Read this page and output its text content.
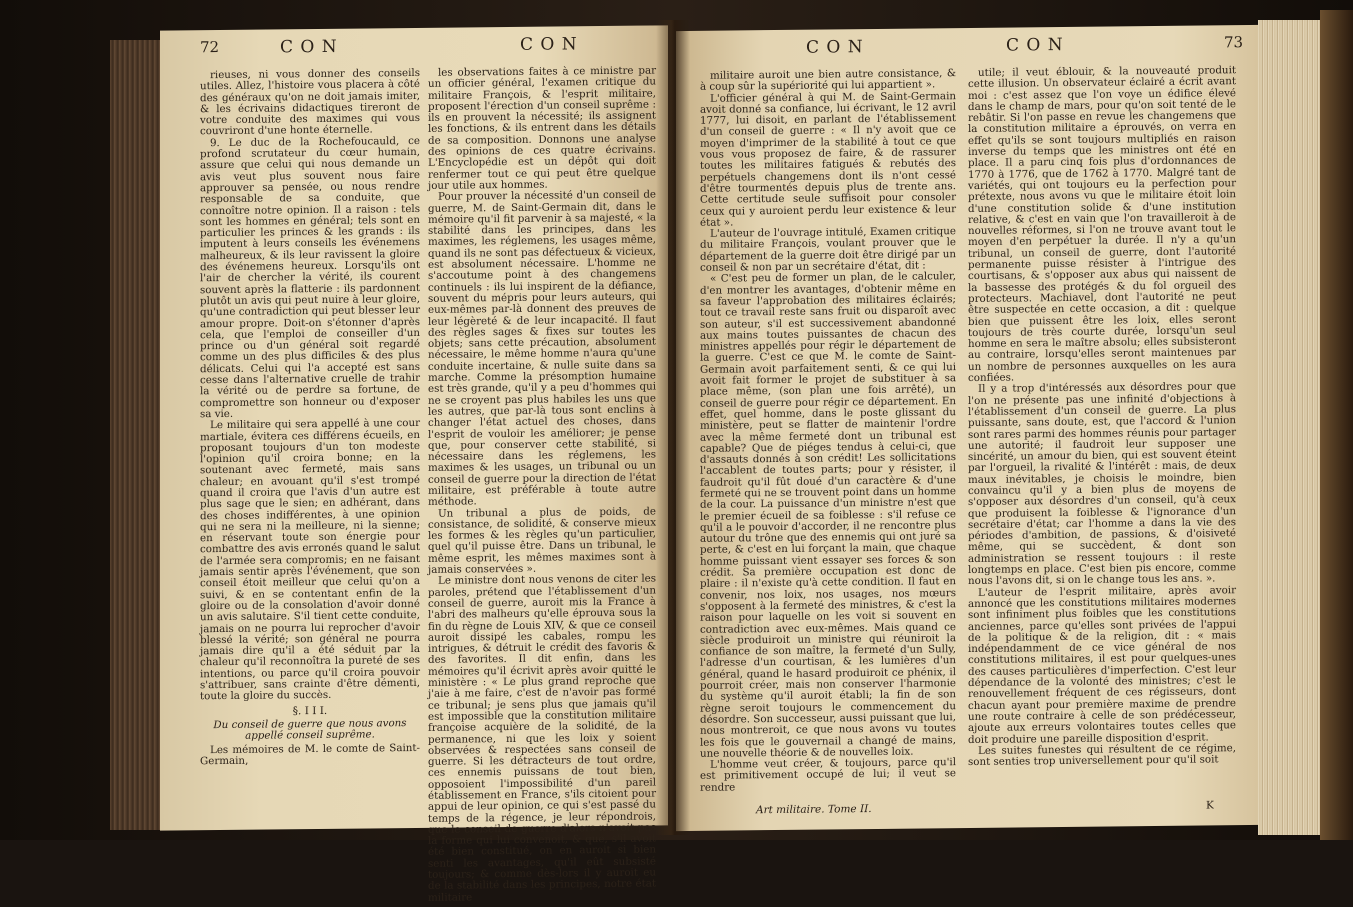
72	C O N	C O N

rieuses, ni vous donner des conseils utiles. Allez, l'histoire vous placera à côté des généraux qu'on ne doit jamais imiter, & les écrivains didactiques tireront de votre conduite des maximes qui vous couvriront d'une honte éternelle.

9. Le duc de la Rochefoucauld, ce profond scrutateur du cœur humain, assure que celui qui nous demande un avis veut plus souvent nous faire approuver sa pensée, ou nous rendre responsable de sa conduite, que connoître notre opinion. Il a raison : tels sont les hommes en général; tels sont en particulier les princes & les grands : ils imputent à leurs conseils les événemens malheureux, & ils leur ravissent la gloire des événemens heureux. Lorsqu'ils ont l'air de chercher la vérité, ils courent souvent après la flatterie : ils pardonnent plutôt un avis qui peut nuire à leur gloire, qu'une contradiction qui peut blesser leur amour propre. Doit-on s'étonner d'après cela, que l'emploi de conseiller d'un prince ou d'un général soit regardé comme un des plus difficiles & des plus délicats. Celui qui l'a accepté est sans cesse dans l'alternative cruelle de trahir la vérité ou de perdre sa fortune, de compromettre son honneur ou d'exposer sa vie.

Le militaire qui sera appellé à une cour martiale, évitera ces différens écueils, en proposant toujours d'un ton modeste l'opinion qu'il croira bonne; en la soutenant avec fermeté, mais sans chaleur; en avouant qu'il s'est trompé quand il croira que l'avis d'un autre est plus sage que le sien; en adhérant, dans des choses indifférentes, à une opinion qui ne sera ni la meilleure, ni la sienne; en réservant toute son énergie pour combattre des avis erronés quand le salut de l'armée sera compromis; en ne faisant jamais sentir après l'événement, que son conseil étoit meilleur que celui qu'on a suivi, & en se contentant enfin de la gloire ou de la consolation d'avoir donné un avis salutaire. S'il tient cette conduite, jamais on ne pourra lui reprocher d'avoir blessé la vérité; son général ne pourra jamais dire qu'il a été séduit par la chaleur qu'il reconnoîtra la pureté de ses intentions, ou parce qu'il croira pouvoir s'attribuer, sans crainte d'être démenti, toute la gloire du succès.

§. I I I.
Du conseil de guerre que nous avons appellé conseil suprême.

Les mémoires de M. le comte de Saint-Germain,

les observations faites à ce ministre par un officier général, l'examen critique du militaire François, & l'esprit militaire, proposent l'érection d'un conseil suprême : ils en prouvent la nécessité; ils assignent les fonctions, & ils entrent dans les détails de sa composition. Donnons une analyse des opinions de ces quatre écrivains. L'Encyclopédie est un dépôt qui doit renfermer tout ce qui peut être quelque jour utile aux hommes.

Pour prouver la nécessité d'un conseil de guerre, M. de Saint-Germain dit, dans le mémoire qu'il fit parvenir à sa majesté, « la stabilité dans les principes, dans les maximes, les réglemens, les usages même, quand ils ne sont pas défectueux & vicieux, est absolument nécessaire. L'homme ne s'accoutume point à des changemens continuels : ils lui inspirent de la défiance, souvent du mépris pour leurs auteurs, qui eux-mêmes par-là donnent des preuves de leur légèreté & de leur incapacité. Il faut des règles sages & fixes sur toutes les objets; sans cette précaution, absolument nécessaire, le même homme n'aura qu'une conduite incertaine, & nulle suite dans sa marche. Comme la présomption humaine est très grande, qu'il y a peu d'hommes qui ne se croyent pas plus habiles les uns que les autres, que par-là tous sont enclins à changer l'état actuel des choses, dans l'esprit de vouloir les améliorer; je pense que, pour conserver cette stabilité, si nécessaire dans les réglemens, les maximes & les usages, un tribunal ou un conseil de guerre pour la direction de l'état militaire, est préférable à toute autre méthode.

Un tribunal a plus de poids, de consistance, de solidité, & conserve mieux les formes & les règles qu'un particulier, quel qu'il puisse être. Dans un tribunal, le même esprit, les mêmes maximes sont à jamais conservées ».

Le ministre dont nous venons de citer les paroles, prétend que l'établissement d'un conseil de guerre, auroit mis la France à l'abri des malheurs qu'elle éprouva sous la fin du règne de Louis XIV, & que ce conseil auroit dissipé les cabales, rompu les intrigues, & détruit le crédit des favoris & des favorites. Il dit enfin, dans les mémoires qu'il écrivit après avoir quitté le ministère : « Le plus grand reproche que j'aie à me faire, c'est de n'avoir pas formé ce tribunal; je sens plus que jamais qu'il est impossible que la constitution militaire françoise acquière de la solidité, de la permanence, ni que les loix y soient observées & respectées sans conseil de guerre. Si les détracteurs de tout ordre, ces ennemis puissans de tout bien, opposoient l'impossibilité d'un pareil établissement en France, s'ils citoient pour appui de leur opinion, ce qui s'est passé du temps de la régence, je leur répondrois, que le conseil de guerre d'alors n'avoit pas la forme qui lui convenoit, & que, s'il avoit été bien constitué, on en auroit si bien senti les avantages, qu'il eût subsisté toujours; & comme dès-lors il y auroit eu de la stabilité dans les principes, notre état militaire

C O N	C O N	73

militaire auroit une bien autre consistance, & à coup sûr la supériorité qui lui appartient ».

L'officier général à qui M. de Saint-Germain avoit donné sa confiance, lui écrivant, le 12 avril 1777, lui disoit, en parlant de l'établissement d'un conseil de guerre : « Il n'y avoit que ce moyen d'imprimer de la stabilité à tout ce que vous vous proposez de faire, & de rassurer toutes les militaires fatigués & rebutés des perpétuels changemens dont ils n'ont cessé d'être tourmentés depuis plus de trente ans. Cette certitude seule suffisoit pour consoler ceux qui y auroient perdu leur existence & leur état ».

L'auteur de l'ouvrage intitulé, Examen critique du militaire François, voulant prouver que le département de la guerre doit être dirigé par un conseil & non par un secrétaire d'état, dit :

« C'est peu de former un plan, de le calculer, d'en montrer les avantages, d'obtenir même en sa faveur l'approbation des militaires éclairés; tout ce travail reste sans fruit ou disparoît avec son auteur, s'il est successivement abandonné aux mains toutes puissantes de chacun des ministres appellés pour régir le département de la guerre. C'est ce que M. le comte de Saint-Germain avoit parfaitement senti, & ce qui lui avoit fait former le projet de substituer à sa place même, (son plan une fois arrêté), un conseil de guerre pour régir ce département. En effet, quel homme, dans le poste glissant du ministère, peut se flatter de maintenir l'ordre avec la même fermeté dont un tribunal est capable? Que de piéges tendus à celui-ci, que d'assauts donnés à son crédit! Les sollicitations l'accablent de toutes parts; pour y résister, il faudroit qu'il fût doué d'un caractère & d'une fermeté qui ne se trouvent point dans un homme de la cour. La puissance d'un ministre n'est que le premier écueil de sa foiblesse : s'il refuse ce qu'il a le pouvoir d'accorder, il ne rencontre plus autour du trône que des ennemis qui ont juré sa perte, & c'est en lui forçant la main, que chaque homme puissant vient essayer ses forces & son crédit. Sa première occupation est donc de plaire : il n'existe qu'à cette condition. Il faut en convenir, nos loix, nos usages, nos mœurs s'opposent à la fermeté des ministres, & c'est la raison pour laquelle on les voit si souvent en contradiction avec eux-mêmes. Mais quand ce siècle produiroit un ministre qui réuniroit la confiance de son maître, la fermeté d'un Sully, l'adresse d'un courtisan, & les lumières d'un général, quand le hasard produiroit ce phénix, il pourroit créer, mais non conserver l'harmonie du système qu'il auroit établi; la fin de son règne seroit toujours le commencement du désordre. Son successeur, aussi puissant que lui, nous montreroit, ce que nous avons vu toutes les fois que le gouvernail a changé de mains, une nouvelle théorie & de nouvelles loix.

L'homme veut créer, & toujours, parce qu'il est primitivement occupé de lui; il veut se rendre

Art militaire. Tome II.

utile; il veut éblouir, & la nouveauté produit cette illusion. Un observateur éclairé a écrit avant moi : c'est assez que l'on voye un édifice élevé dans le champ de mars, pour qu'on soit tenté de le rebâtir. Si l'on passe en revue les changemens que la constitution militaire a éprouvés, on verra en effet qu'ils se sont toujours multipliés en raison inverse du temps que les ministres ont été en place. Il a paru cinq fois plus d'ordonnances de 1770 à 1776, que de 1762 à 1770. Malgré tant de variétés, qui ont toujours eu la perfection pour prétexte, nous avons vu que le militaire étoit loin d'une constitution solide & d'une institution relative, & c'est en vain que l'on travailleroit à de nouvelles réformes, si l'on ne trouve avant tout le moyen d'en perpétuer la durée. Il n'y a qu'un tribunal, un conseil de guerre, dont l'autorité permanente puisse résister à l'intrigue des courtisans, & s'opposer aux abus qui naissent de la bassesse des protégés & du fol orgueil des protecteurs. Machiavel, dont l'autorité ne peut être suspectée en cette occasion, a dit : quelque bien que puissent être les loix, elles seront toujours de très courte durée, lorsqu'un seul homme en sera le maître absolu; elles subsisteront au contraire, lorsqu'elles seront maintenues par un nombre de personnes auxquelles on les aura confiées.

Il y a trop d'intéressés aux désordres pour que l'on ne présente pas une infinité d'objections à l'établissement d'un conseil de guerre. La plus puissante, sans doute, est, que l'accord & l'union sont rares parmi des hommes réunis pour partager une autorité; il faudroit leur supposer une sincérité, un amour du bien, qui est souvent éteint par l'orgueil, la rivalité & l'intérêt : mais, de deux maux inévitables, je choisis le moindre, bien convaincu qu'il y a bien plus de moyens de s'opposer aux désordres d'un conseil, qu'à ceux que produisent la foiblesse & l'ignorance d'un secrétaire d'état; car l'homme a dans la vie des périodes d'ambition, de passions, & d'oisiveté même, qui se succèdent, & dont son administration se ressent toujours : il reste longtemps en place. C'est bien pis encore, comme nous l'avons dit, si on le change tous les ans. ».

L'auteur de l'esprit militaire, après avoir annoncé que les constitutions militaires modernes sont infiniment plus foibles que les constitutions anciennes, parce qu'elles sont privées de l'appui de la politique & de la religion, dit : « mais indépendamment de ce vice général de nos constitutions militaires, il est pour quelques-unes des causes particulières d'imperfection. C'est leur dépendance de la volonté des ministres; c'est le renouvellement fréquent de ces régisseurs, dont chacun ayant pour première maxime de prendre une route contraire à celle de son prédécesseur, ajoute aux erreurs volontaires toutes celles que doit produire une pareille disposition d'esprit.

Les suites funestes qui résultent de ce régime, sont senties trop universellement pour qu'il soit

K
